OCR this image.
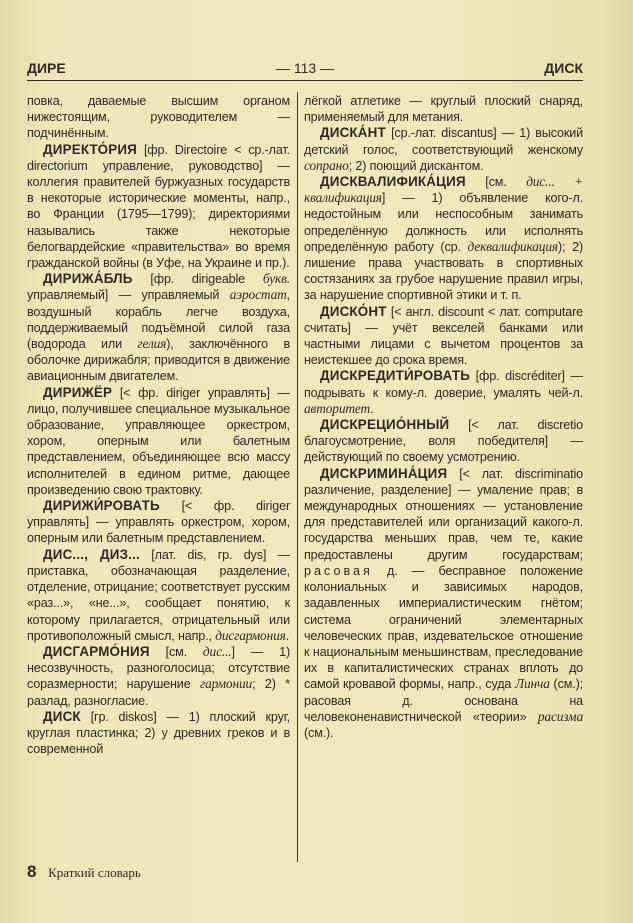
— 113 —
ДИРЕ	ДИСК

повка, даваемые высшим органом нижестоящим, руководителем — подчинённым.

ДИРЕКТО́РИЯ [фр. Directoire < ср.-лат. directorium управление, руководство] — коллегия правителей буржуазных государств в некоторые исторические моменты, напр., во Франции (1795—1799); директориями назывались также некоторые белогвардейские «правительства» во время гражданской войны (в Уфе, на Украине и пр.).

ДИРИЖА́БЛЬ [фр. dirigeable букв. управляемый] — управляемый аэростат, воздушный корабль легче воздуха, поддерживаемый подъёмной силой газа (водорода или гелия), заключённого в оболочке дирижабля; приводится в движение авиационным двигателем.

ДИРИЖЁР [< фр. diriger управлять] — лицо, получившее специальное музыкальное образование, управляющее оркестром, хором, оперным или балетным представлением, объединяющее всю массу исполнителей в едином ритме, дающее произведению свою трактовку.

ДИРИЖИ́РОВАТЬ [< фр. diriger управлять] — управлять оркестром, хором, оперным или балетным представлением.

ДИС..., ДИЗ... [лат. dis, гр. dys] — приставка, обозначающая разделение, отделение, отрицание; соответствует русским «раз...», «не...», сообщает понятию, к которому прилагается, отрицательный или противоположный смысл, напр., дисгармония.

ДИСГАРМО́НИЯ [см. дис...] — 1) несозвучность, разноголосица; отсутствие соразмерности; нарушение гармонии; 2) * разлад, разногласие.

ДИСК [гр. diskos] — 1) плоский круг, круглая пластинка; 2) у древних греков и в современной

лёгкой атлетике — круглый плоский снаряд, применяемый для метания.

ДИСКА́НТ [ср.-лат. discantus] — 1) высокий детский голос, соответствующий женскому сопрано; 2) поющий дискантом.

ДИСКВАЛИФИКА́ЦИЯ [см. дис... + квалификация] — 1) объявление кого-л. недостойным или неспособным занимать определённую должность или исполнять определённую работу (ср. деквалификация); 2) лишение права участвовать в спортивных состязаниях за грубое нарушение правил игры, за нарушение спортивной этики и т. п.

ДИСКО́НТ [< англ. discount < лат. computare считать] — учёт векселей банками или частными лицами с вычетом процентов за неистекшее до срока время.

ДИСКРЕДИТИ́РОВАТЬ [фр. discréditer] — подрывать к кому-л. доверие, умалять чей-л. авторитет.

ДИСКРЕЦИО́ННЫЙ [< лат. discretio благоусмотрение, воля победителя] — действующий по своему усмотрению.

ДИСКРИМИНА́ЦИЯ [< лат. discriminatio различение, разделение] — умаление прав; в международных отношениях — установление для представителей или организаций какого-л. государства меньших прав, чем те, какие предоставлены другим государствам; расовая д. — бесправное положение колониальных и зависимых народов, задавленных империалистическим гнётом; система ограничений элементарных человеческих прав, издевательское отношение к национальным меньшинствам, преследование их в капиталистических странах вплоть до самой кровавой формы, напр., суда Линча (см.); расовая д. основана на человеконенавистнической «теории» расизма (см.).

8 Краткий словарь
